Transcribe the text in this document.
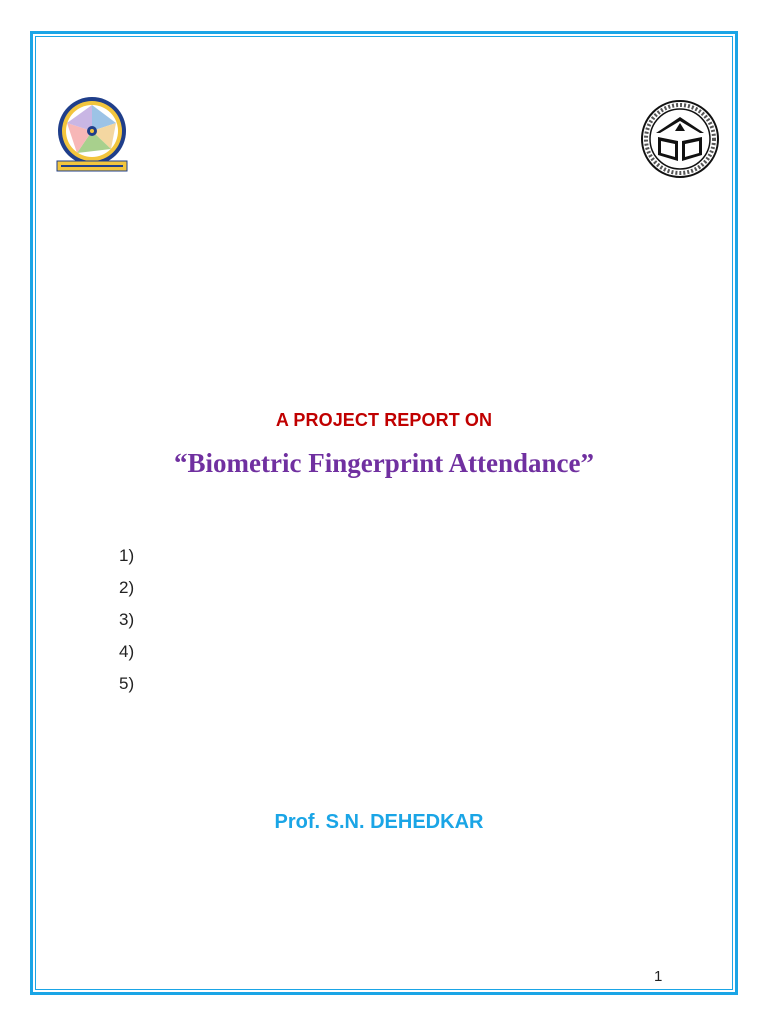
A PROJECT REPORT ON
“Biometric Fingerprint Attendance”
1)
2)
3)
4)
5)
Prof. S.N. DEHEDKAR
1
